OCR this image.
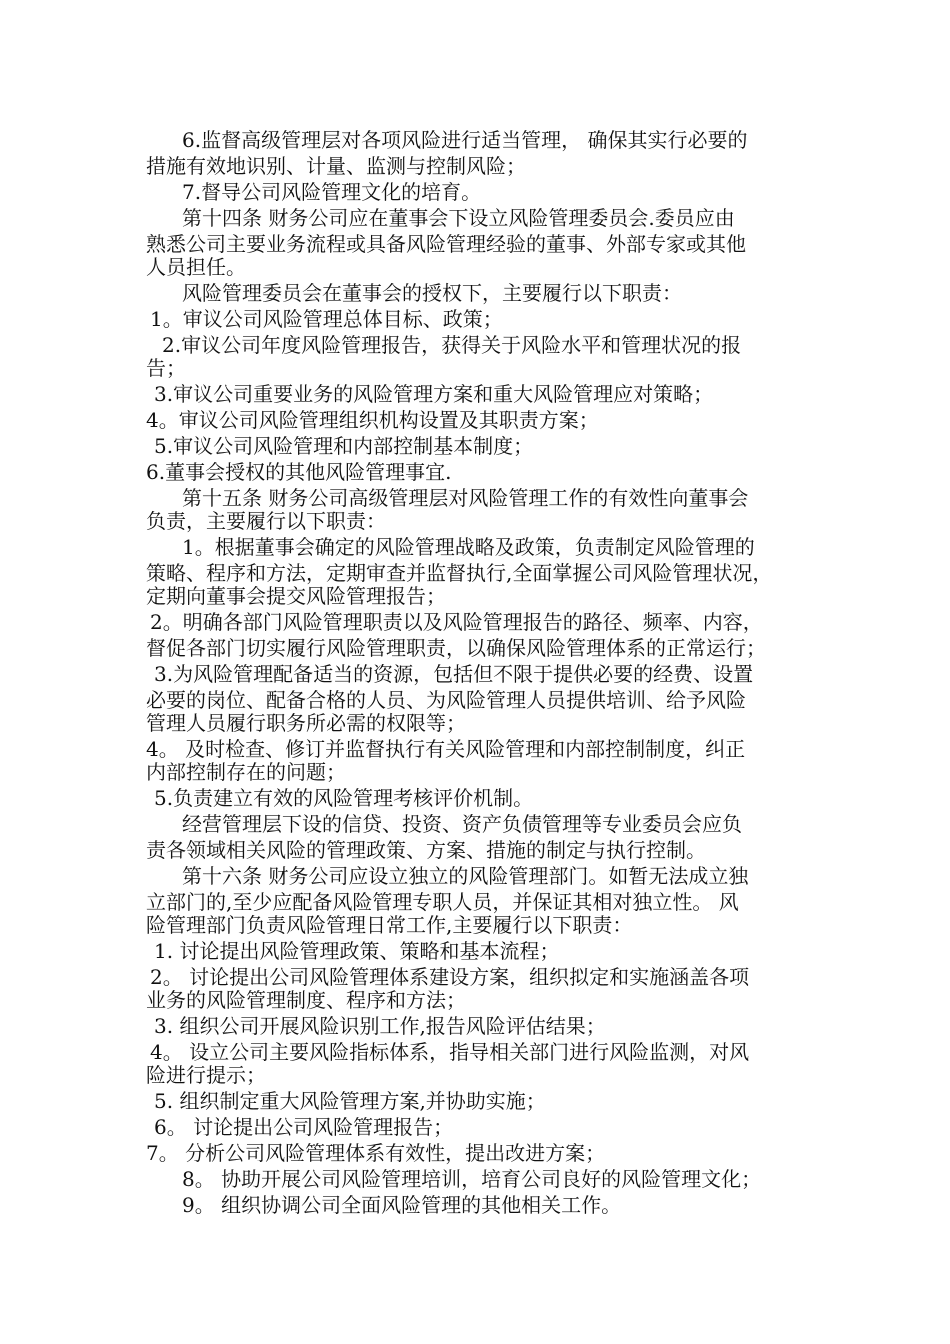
6.监督高级管理层对各项风险进行适当管理， 确保其实行必要的
措施有效地识别、计量、监测与控制风险；
7.督导公司风险管理文化的培育。
第十四条 财务公司应在董事会下设立风险管理委员会.委员应由
熟悉公司主要业务流程或具备风险管理经验的董事、外部专家或其他
人员担任。
风险管理委员会在董事会的授权下，主要履行以下职责：
1。审议公司风险管理总体目标、政策；
2.审议公司年度风险管理报告，获得关于风险水平和管理状况的报
告；
3.审议公司重要业务的风险管理方案和重大风险管理应对策略；
4。审议公司风险管理组织机构设置及其职责方案；
5.审议公司风险管理和内部控制基本制度；
6.董事会授权的其他风险管理事宜.
第十五条 财务公司高级管理层对风险管理工作的有效性向董事会
负责，主要履行以下职责：
1。根据董事会确定的风险管理战略及政策，负责制定风险管理的
策略、程序和方法，定期审查并监督执行,全面掌握公司风险管理状况，
定期向董事会提交风险管理报告；
2。明确各部门风险管理职责以及风险管理报告的路径、频率、内容，
督促各部门切实履行风险管理职责，以确保风险管理体系的正常运行；
3.为风险管理配备适当的资源，包括但不限于提供必要的经费、设置
必要的岗位、配备合格的人员、为风险管理人员提供培训、给予风险
管理人员履行职务所必需的权限等；
4。 及时检查、修订并监督执行有关风险管理和内部控制制度，纠正
内部控制存在的问题；
5.负责建立有效的风险管理考核评价机制。
经营管理层下设的信贷、投资、资产负债管理等专业委员会应负
责各领域相关风险的管理政策、方案、措施的制定与执行控制。
第十六条 财务公司应设立独立的风险管理部门。如暂无法成立独
立部门的,至少应配备风险管理专职人员，并保证其相对独立性。 风
险管理部门负责风险管理日常工作,主要履行以下职责：
1. 讨论提出风险管理政策、策略和基本流程；
2。 讨论提出公司风险管理体系建设方案，组织拟定和实施涵盖各项
业务的风险管理制度、程序和方法；
3. 组织公司开展风险识别工作,报告风险评估结果；
4。 设立公司主要风险指标体系，指导相关部门进行风险监测，对风
险进行提示；
5. 组织制定重大风险管理方案,并协助实施；
6。 讨论提出公司风险管理报告；
7。 分析公司风险管理体系有效性，提出改进方案；
8。 协助开展公司风险管理培训，培育公司良好的风险管理文化；
9。 组织协调公司全面风险管理的其他相关工作。
